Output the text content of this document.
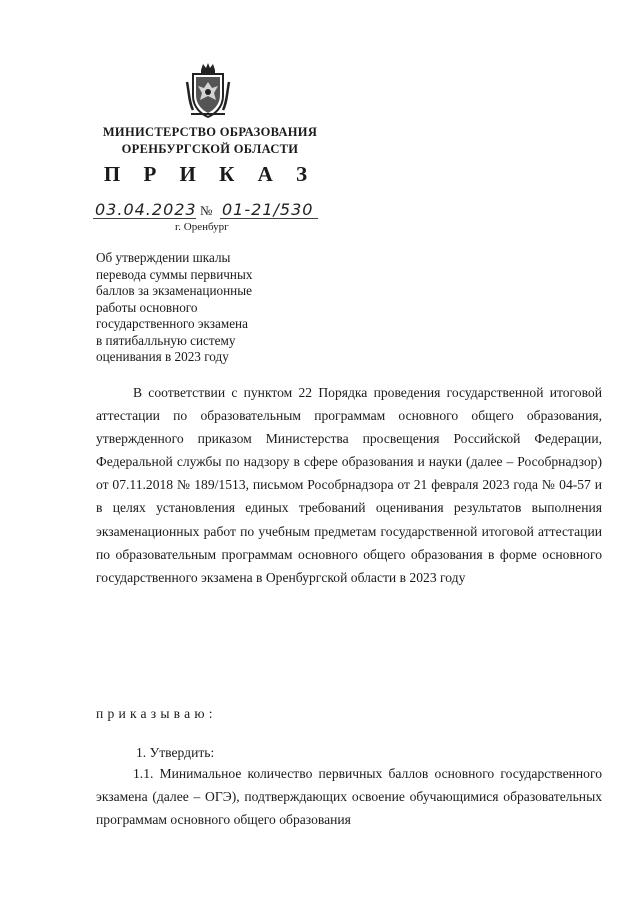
МИНИСТЕРСТВО ОБРАЗОВАНИЯ
ОРЕНБУРГСКОЙ ОБЛАСТИ
П Р И К А З
03.04.2023 № 01-21/530
г. Оренбург
Об утверждении шкалы
перевода суммы первичных
баллов за экзаменационные
работы основного
государственного экзамена
в пятибалльную систему
оценивания в 2023 году
В соответствии с пунктом 22 Порядка проведения государственной итоговой аттестации по образовательным программам основного общего образования, утвержденного приказом Министерства просвещения Российской Федерации, Федеральной службы по надзору в сфере образования и науки (далее – Рособрнадзор) от 07.11.2018 № 189/1513, письмом Рособрнадзора от 21 февраля 2023 года № 04-57 и в целях установления единых требований оценивания результатов выполнения экзаменационных работ по учебным предметам государственной итоговой аттестации по образовательным программам основного общего образования в форме основного государственного экзамена в Оренбургской области в 2023 году
приказываю:
1. Утвердить:
1.1. Минимальное количество первичных баллов основного государственного экзамена (далее – ОГЭ), подтверждающих освоение обучающимися образовательных программам основного общего образования
